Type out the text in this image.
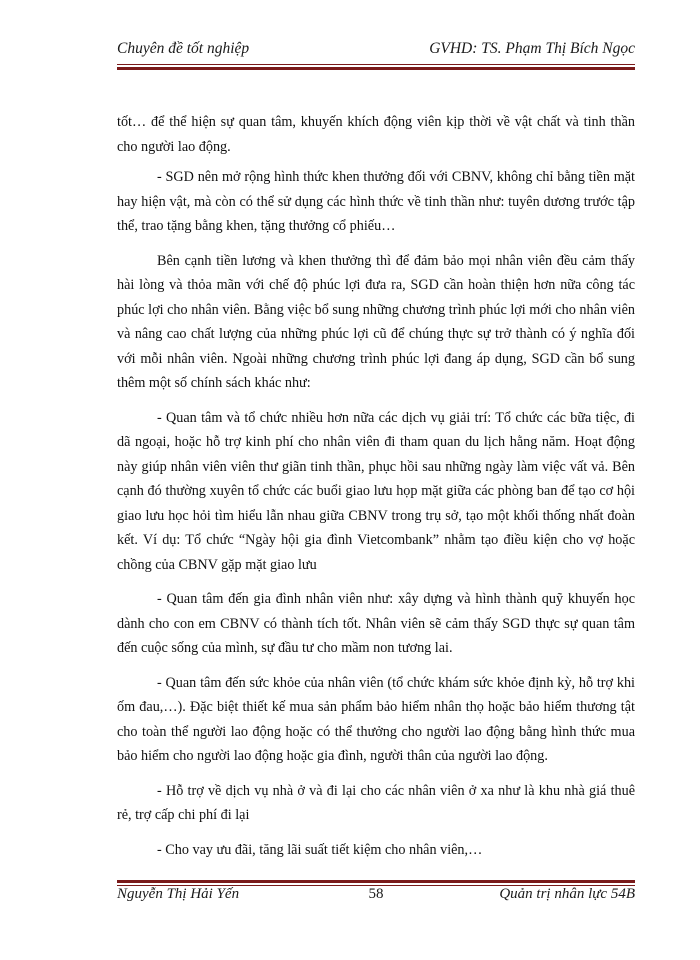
Chuyên đề tốt nghiệp	GVHD: TS. Phạm Thị Bích Ngọc

tốt… để thể hiện sự quan tâm, khuyến khích động viên kịp thời về vật chất và tinh thần cho người lao động.

- SGD nên mở rộng hình thức khen thưởng đối với CBNV, không chỉ bằng tiền mặt hay hiện vật, mà còn có thể sử dụng các hình thức về tinh thần như: tuyên dương trước tập thể, trao tặng bằng khen, tặng thưởng cổ phiếu…

Bên cạnh tiền lương và khen thưởng thì để đảm bảo mọi nhân viên đều cảm thấy hài lòng và thỏa mãn với chế độ phúc lợi đưa ra, SGD cần hoàn thiện hơn nữa công tác phúc lợi cho nhân viên. Bằng việc bổ sung những chương trình phúc lợi mới cho nhân viên và nâng cao chất lượng của những phúc lợi cũ để chúng thực sự trở thành có ý nghĩa đối với mỗi nhân viên. Ngoài những chương trình phúc lợi đang áp dụng, SGD cần bổ sung thêm một số chính sách khác như:

- Quan tâm và tổ chức nhiều hơn nữa các dịch vụ giải trí: Tổ chức các bữa tiệc, đi dã ngoại, hoặc hỗ trợ kinh phí cho nhân viên đi tham quan du lịch hằng năm. Hoạt động này giúp nhân viên viên thư giãn tinh thần, phục hồi sau những ngày làm việc vất vả. Bên cạnh đó thường xuyên tổ chức các buổi giao lưu họp mặt giữa các phòng ban để tạo cơ hội giao lưu học hỏi tìm hiểu lẫn nhau giữa CBNV trong trụ sở, tạo một khối thống nhất đoàn kết. Ví dụ: Tổ chức “Ngày hội gia đình Vietcombank” nhằm tạo điều kiện cho vợ hoặc chồng của CBNV gặp mặt giao lưu

- Quan tâm đến gia đình nhân viên như: xây dựng và hình thành quỹ khuyến học dành cho con em CBNV có thành tích tốt. Nhân viên sẽ cảm thấy SGD thực sự quan tâm đến cuộc sống của mình, sự đầu tư cho mầm non tương lai.

- Quan tâm đến sức khỏe của nhân viên (tổ chức khám sức khỏe định kỳ, hỗ trợ khi ốm đau,…). Đặc biệt thiết kế mua sản phẩm bảo hiểm nhân thọ hoặc bảo hiểm thương tật cho toàn thể người lao động hoặc có thể thưởng cho người lao động bằng hình thức mua bảo hiểm cho người lao động hoặc gia đình, người thân của người lao động.

- Hỗ trợ về dịch vụ nhà ở và đi lại cho các nhân viên ở xa như là khu nhà giá thuê rẻ, trợ cấp chi phí đi lại

- Cho vay ưu đãi, tăng lãi suất tiết kiệm cho nhân viên,…

Nguyễn Thị Hải Yến	58	Quản trị nhân lực 54B
